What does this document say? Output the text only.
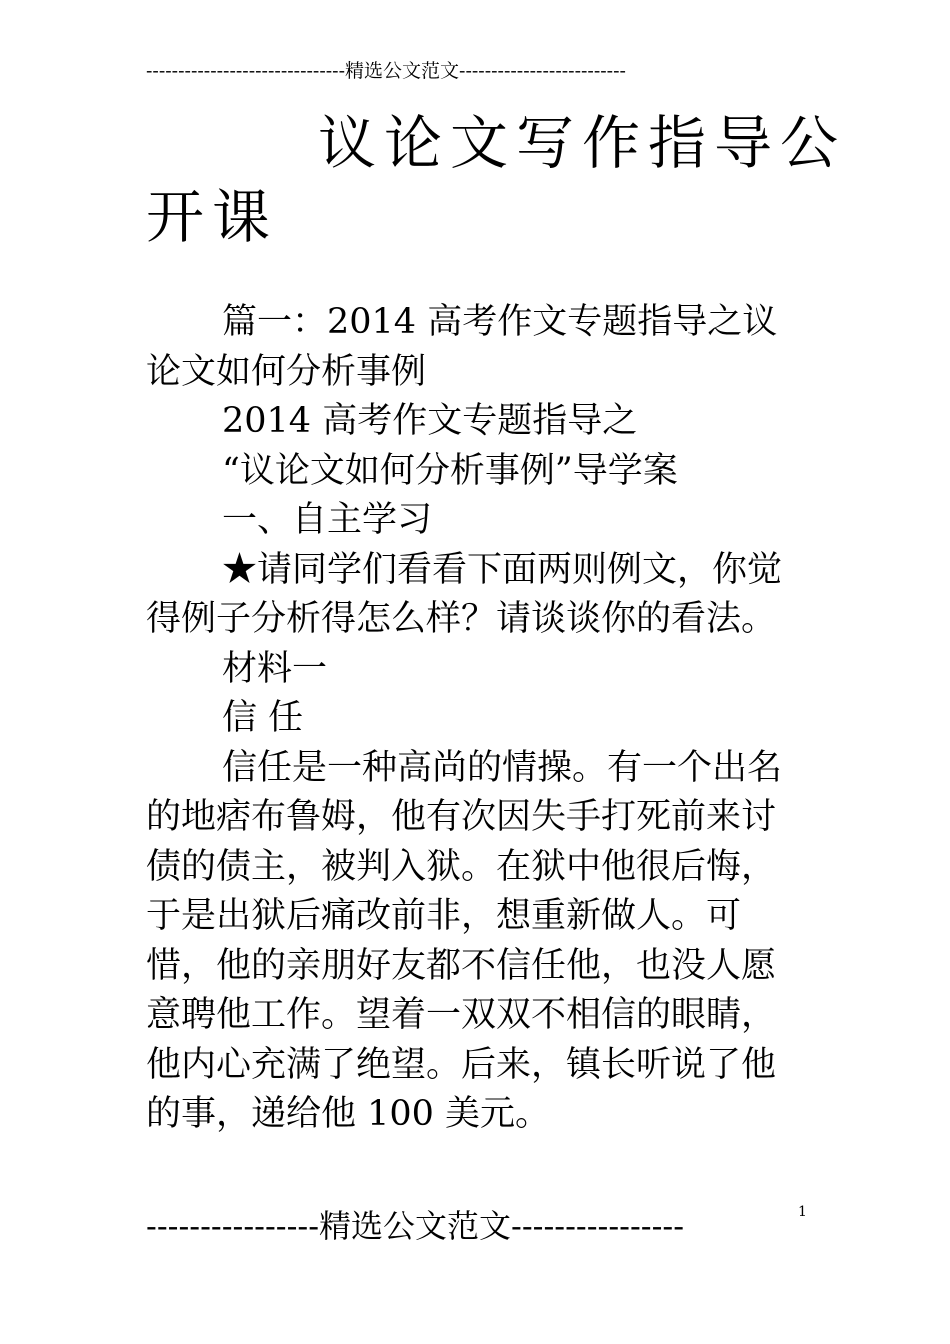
-------------------------------精选公文范文--------------------------
议论文写作指导公
开课

篇一：2014 高考作文专题指导之议论文如何分析事例

2014 高考作文专题指导之

“议论文如何分析事例”导学案

一、自主学习

★请同学们看看下面两则例文，你觉得例子分析得怎么样？请谈谈你的看法。

材料一

信 任

信任是一种高尚的情操。有一个出名的地痞布鲁姆，他有次因失手打死前来讨债的债主，被判入狱。在狱中他很后悔，于是出狱后痛改前非，想重新做人。可惜，他的亲朋好友都不信任他，也没人愿意聘他工作。望着一双双不相信的眼睛，他内心充满了绝望。后来，镇长听说了他的事，递给他 100 美元。

----------------精选公文范文----------------	1
